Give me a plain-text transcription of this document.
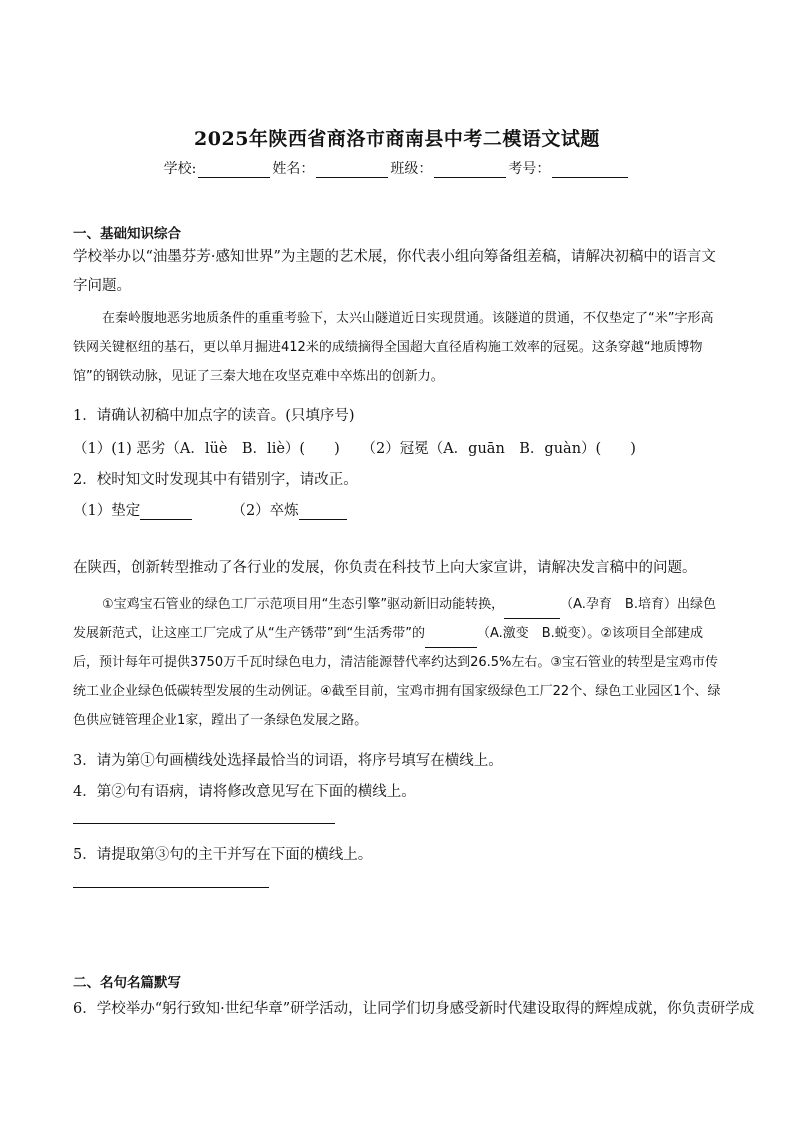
2025年陕西省商洛市商南县中考二模语文试题
学校:	姓名：	班级：	考号：
一、基础知识综合
学校举办以“油墨芬芳·感知世界”为主题的艺术展，你代表小组向筹备组差稿，请解决初稿中的语言文字问题。
在秦岭腹地恶劣地质条件的重重考验下，太兴山隧道近日实现贯通。该隧道的贯通，不仅垫定了“米”字形高铁网关键枢纽的基石，更以单月掘进412米的成绩摘得全国超大直径盾构施工效率的冠冕。这条穿越“地质博物馆”的钢铁动脉，见证了三秦大地在攻坚克难中卒炼出的创新力。
1．请确认初稿中加点字的读音。(只填序号)
（1）(1) 恶劣（A．lüè　B．liè）(　　)　　（2）冠冕（A．guān　B．guàn）(　　)
2．校时知文时发现其中有错别字，请改正。
（1）垫定	（2）卒炼
在陕西，创新转型推动了各行业的发展，你负责在科技节上向大家宣讲，请解决发言稿中的问题。
①宝鸡宝石管业的绿色工厂示范项目用“生态引擎”驱动新旧动能转换，	（A.孕育　B.培育）出绿色发展新范式，让这座工厂完成了从“生产锈带”到“生活秀带”的	（A.激变　B.蜕变）。②该项目全部建成后，预计每年可提供3750万千瓦时绿色电力，清洁能源替代率约达到26.5%左右。③宝石管业的转型是宝鸡市传统工业企业绿色低碳转型发展的生动例证。④截至目前，宝鸡市拥有国家级绿色工厂22个、绿色工业园区1个、绿色供应链管理企业1家，蹚出了一条绿色发展之路。
3．请为第①句画横线处选择最恰当的词语，将序号填写在横线上。
4．第②句有语病，请将修改意见写在下面的横线上。
5．请提取第③句的主干并写在下面的横线上。
二、名句名篇默写
6．学校举办“躬行致知·世纪华章”研学活动，让同学们切身感受新时代建设取得的辉煌成就，你负责研学成
